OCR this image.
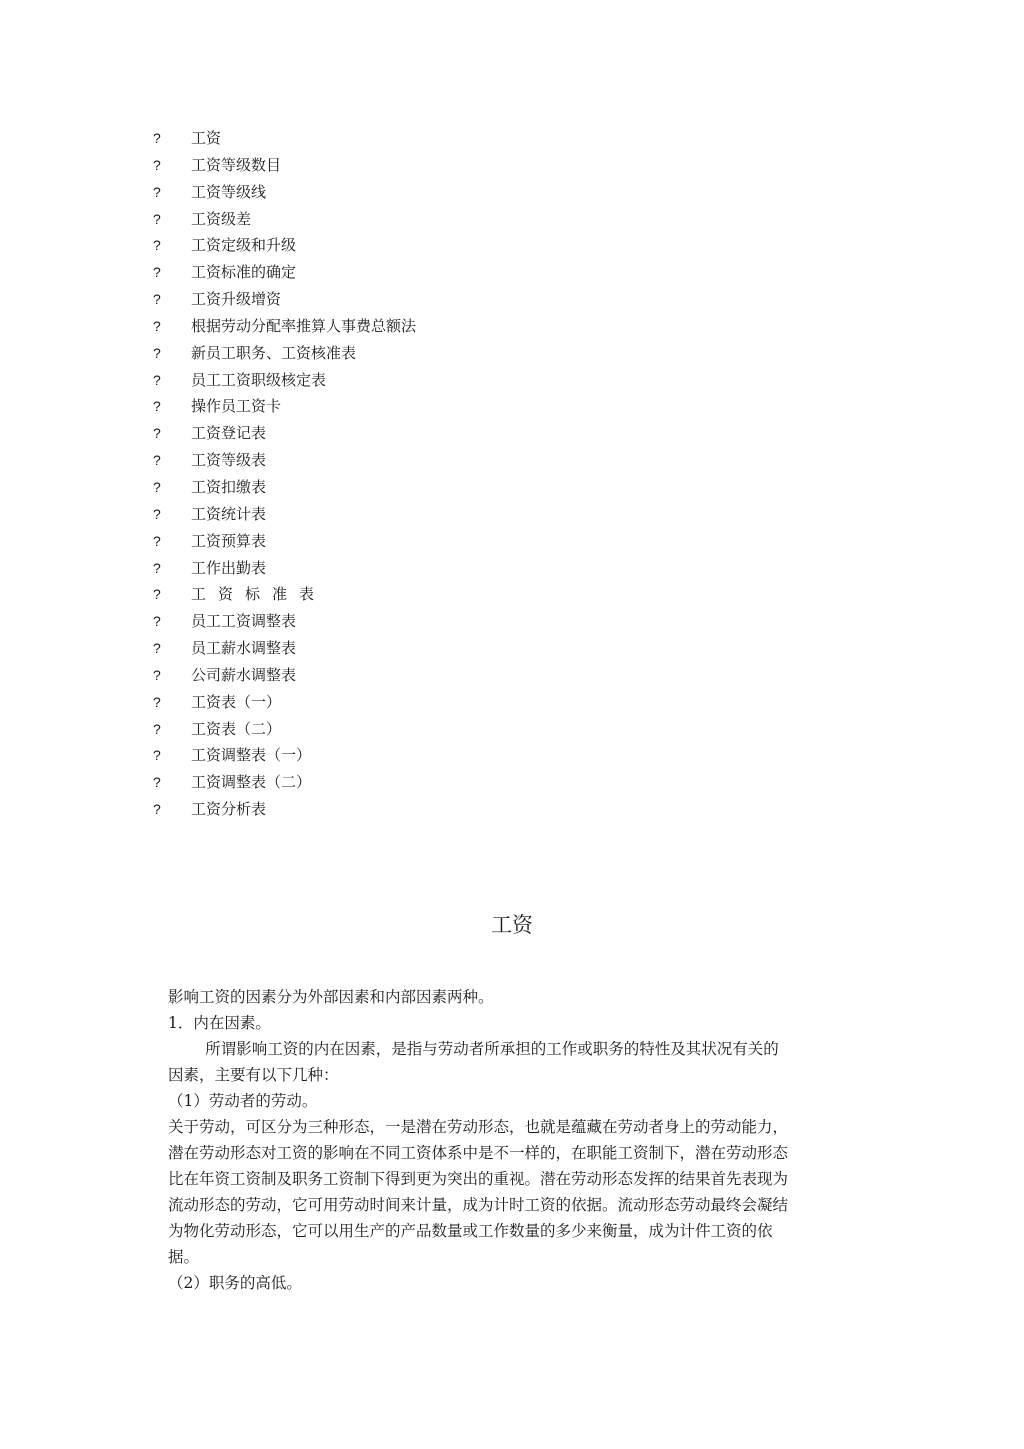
? 工资
? 工资等级数目
? 工资等级线
? 工资级差
? 工资定级和升级
? 工资标准的确定
? 工资升级增资
? 根据劳动分配率推算人事费总额法
? 新员工职务、工资核准表
? 员工工资职级核定表
? 操作员工资卡
? 工资登记表
? 工资等级表
? 工资扣缴表
? 工资统计表
? 工资预算表
? 工作出勤表
? 工资标准表
? 员工工资调整表
? 员工薪水调整表
? 公司薪水调整表
? 工资表（一）
? 工资表（二）
? 工资调整表（一）
? 工资调整表（二）
? 工资分析表
工资

影响工资的因素分为外部因素和内部因素两种。

1．内在因素。

所谓影响工资的内在因素，是指与劳动者所承担的工作或职务的特性及其状况有关的因素，主要有以下几种：

（1）劳动者的劳动。

关于劳动，可区分为三种形态，一是潜在劳动形态，也就是蕴藏在劳动者身上的劳动能力，潜在劳动形态对工资的影响在不同工资体系中是不一样的，在职能工资制下，潜在劳动形态比在年资工资制及职务工资制下得到更为突出的重视。潜在劳动形态发挥的结果首先表现为流动形态的劳动，它可用劳动时间来计量，成为计时工资的依据。流动形态劳动最终会凝结为物化劳动形态，它可以用生产的产品数量或工作数量的多少来衡量，成为计件工资的依据。

（2）职务的高低。
